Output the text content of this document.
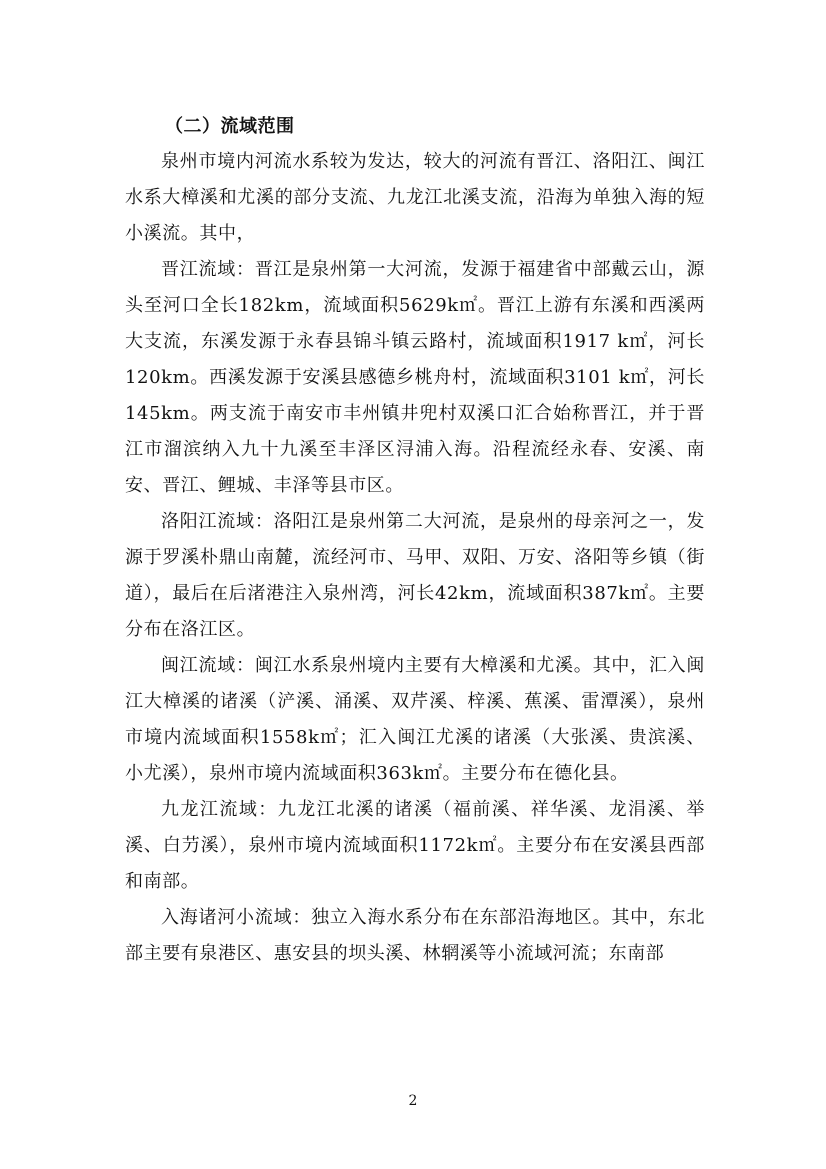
（二）流域范围

泉州市境内河流水系较为发达，较大的河流有晋江、洛阳江、闽江水系大樟溪和尤溪的部分支流、九龙江北溪支流，沿海为单独入海的短小溪流。其中，

晋江流域：晋江是泉州第一大河流，发源于福建省中部戴云山，源头至河口全长182km，流域面积5629k㎡。晋江上游有东溪和西溪两大支流，东溪发源于永春县锦斗镇云路村，流域面积1917 k㎡，河长120km。西溪发源于安溪县感德乡桃舟村，流域面积3101 k㎡，河长145km。两支流于南安市丰州镇井兜村双溪口汇合始称晋江，并于晋江市溜滨纳入九十九溪至丰泽区浔浦入海。沿程流经永春、安溪、南安、晋江、鲤城、丰泽等县市区。

洛阳江流域：洛阳江是泉州第二大河流，是泉州的母亲河之一，发源于罗溪朴鼎山南麓，流经河市、马甲、双阳、万安、洛阳等乡镇（街道），最后在后渚港注入泉州湾，河长42km，流域面积387k㎡。主要分布在洛江区。

闽江流域：闽江水系泉州境内主要有大樟溪和尤溪。其中，汇入闽江大樟溪的诸溪（浐溪、涌溪、双芹溪、梓溪、蕉溪、雷潭溪），泉州市境内流域面积1558k㎡；汇入闽江尤溪的诸溪（大张溪、贵滨溪、小尤溪），泉州市境内流域面积363k㎡。主要分布在德化县。

九龙江流域：九龙江北溪的诸溪（福前溪、祥华溪、龙涓溪、举溪、白芀溪），泉州市境内流域面积1172k㎡。主要分布在安溪县西部和南部。

入海诸河小流域：独立入海水系分布在东部沿海地区。其中，东北部主要有泉港区、惠安县的坝头溪、林辋溪等小流域河流；东南部

2
